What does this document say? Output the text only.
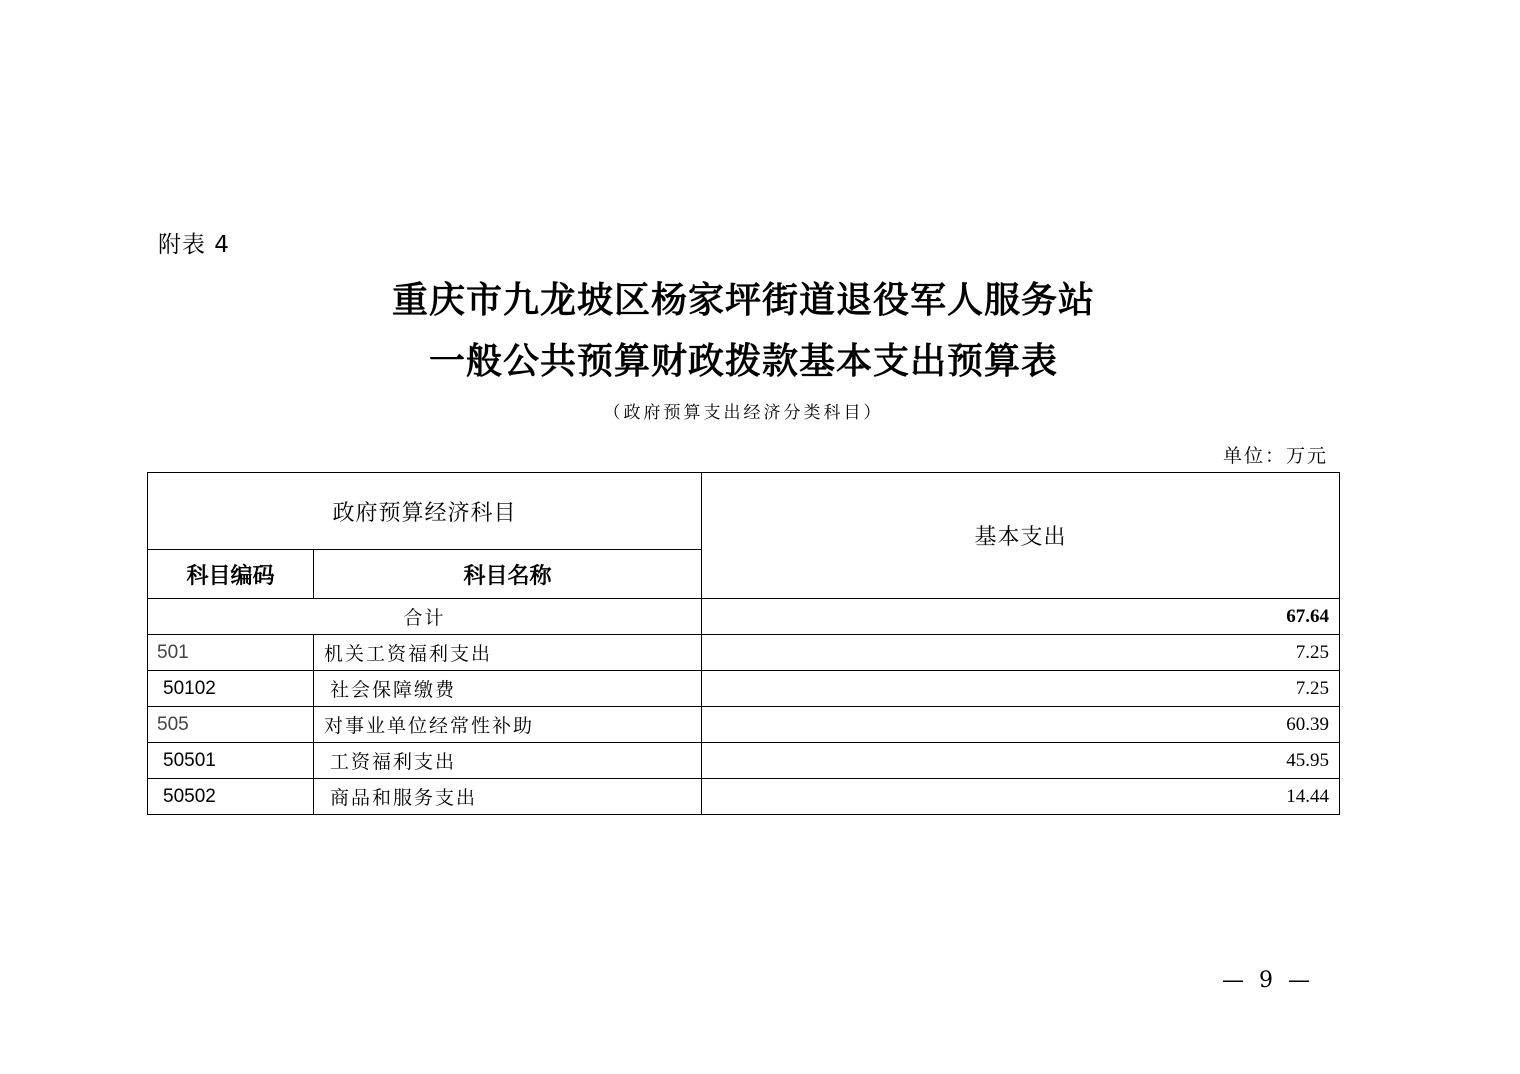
附表 4
重庆市九龙坡区杨家坪街道退役军人服务站
一般公共预算财政拨款基本支出预算表
（政府预算支出经济分类科目）
单位：万元
政府预算经济科目		基本支出
科目编码	科目名称	
合计		67.64
501	机关工资福利支出	7.25
50102	社会保障缴费	7.25
505	对事业单位经常性补助	60.39
50501	工资福利支出	45.95
50502	商品和服务支出	14.44
— 9 —
